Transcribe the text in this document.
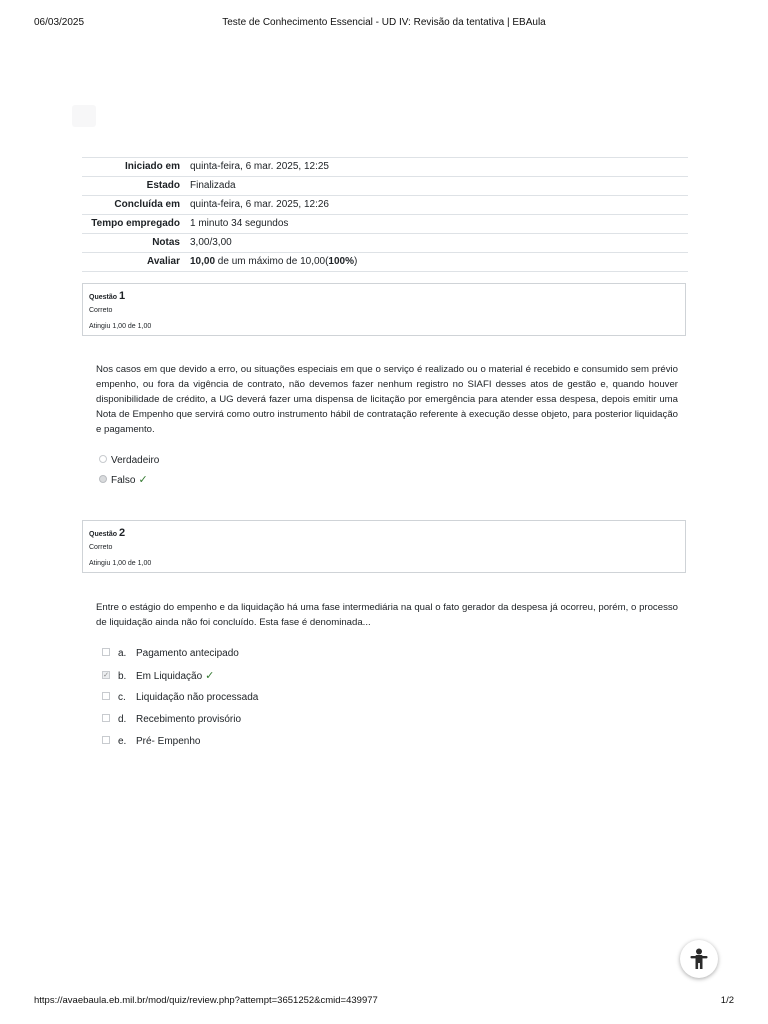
06/03/2025	Teste de Conhecimento Essencial - UD IV: Revisão da tentativa | EBAula
Iniciado em	quinta-feira, 6 mar. 2025, 12:25
Estado	Finalizada
Concluída em	quinta-feira, 6 mar. 2025, 12:26
Tempo empregado	1 minuto 34 segundos
Notas	3,00/3,00
Avaliar	10,00 de um máximo de 10,00(100%)
Questão 1
Correto
Atingiu 1,00 de 1,00
Nos casos em que devido a erro, ou situações especiais em que o serviço é realizado ou o material é recebido e consumido sem prévio empenho, ou fora da vigência de contrato, não devemos fazer nenhum registro no SIAFI desses atos de gestão e, quando houver disponibilidade de crédito, a UG deverá fazer uma dispensa de licitação por emergência para atender essa despesa, depois emitir uma Nota de Empenho que servirá como outro instrumento hábil de contratação referente à execução desse objeto, para posterior liquidação e pagamento.
Verdadeiro
Falso ✓
Questão 2
Correto
Atingiu 1,00 de 1,00
Entre o estágio do empenho e da liquidação há uma fase intermediária na qual o fato gerador da despesa já ocorreu, porém, o processo de liquidação ainda não foi concluído. Esta fase é denominada...
a. Pagamento antecipado
✓ b. Em Liquidação ✓
c. Liquidação não processada
d. Recebimento provisório
e. Pré- Empenho
https://avaebaula.eb.mil.br/mod/quiz/review.php?attempt=3651252&cmid=439977	1/2
